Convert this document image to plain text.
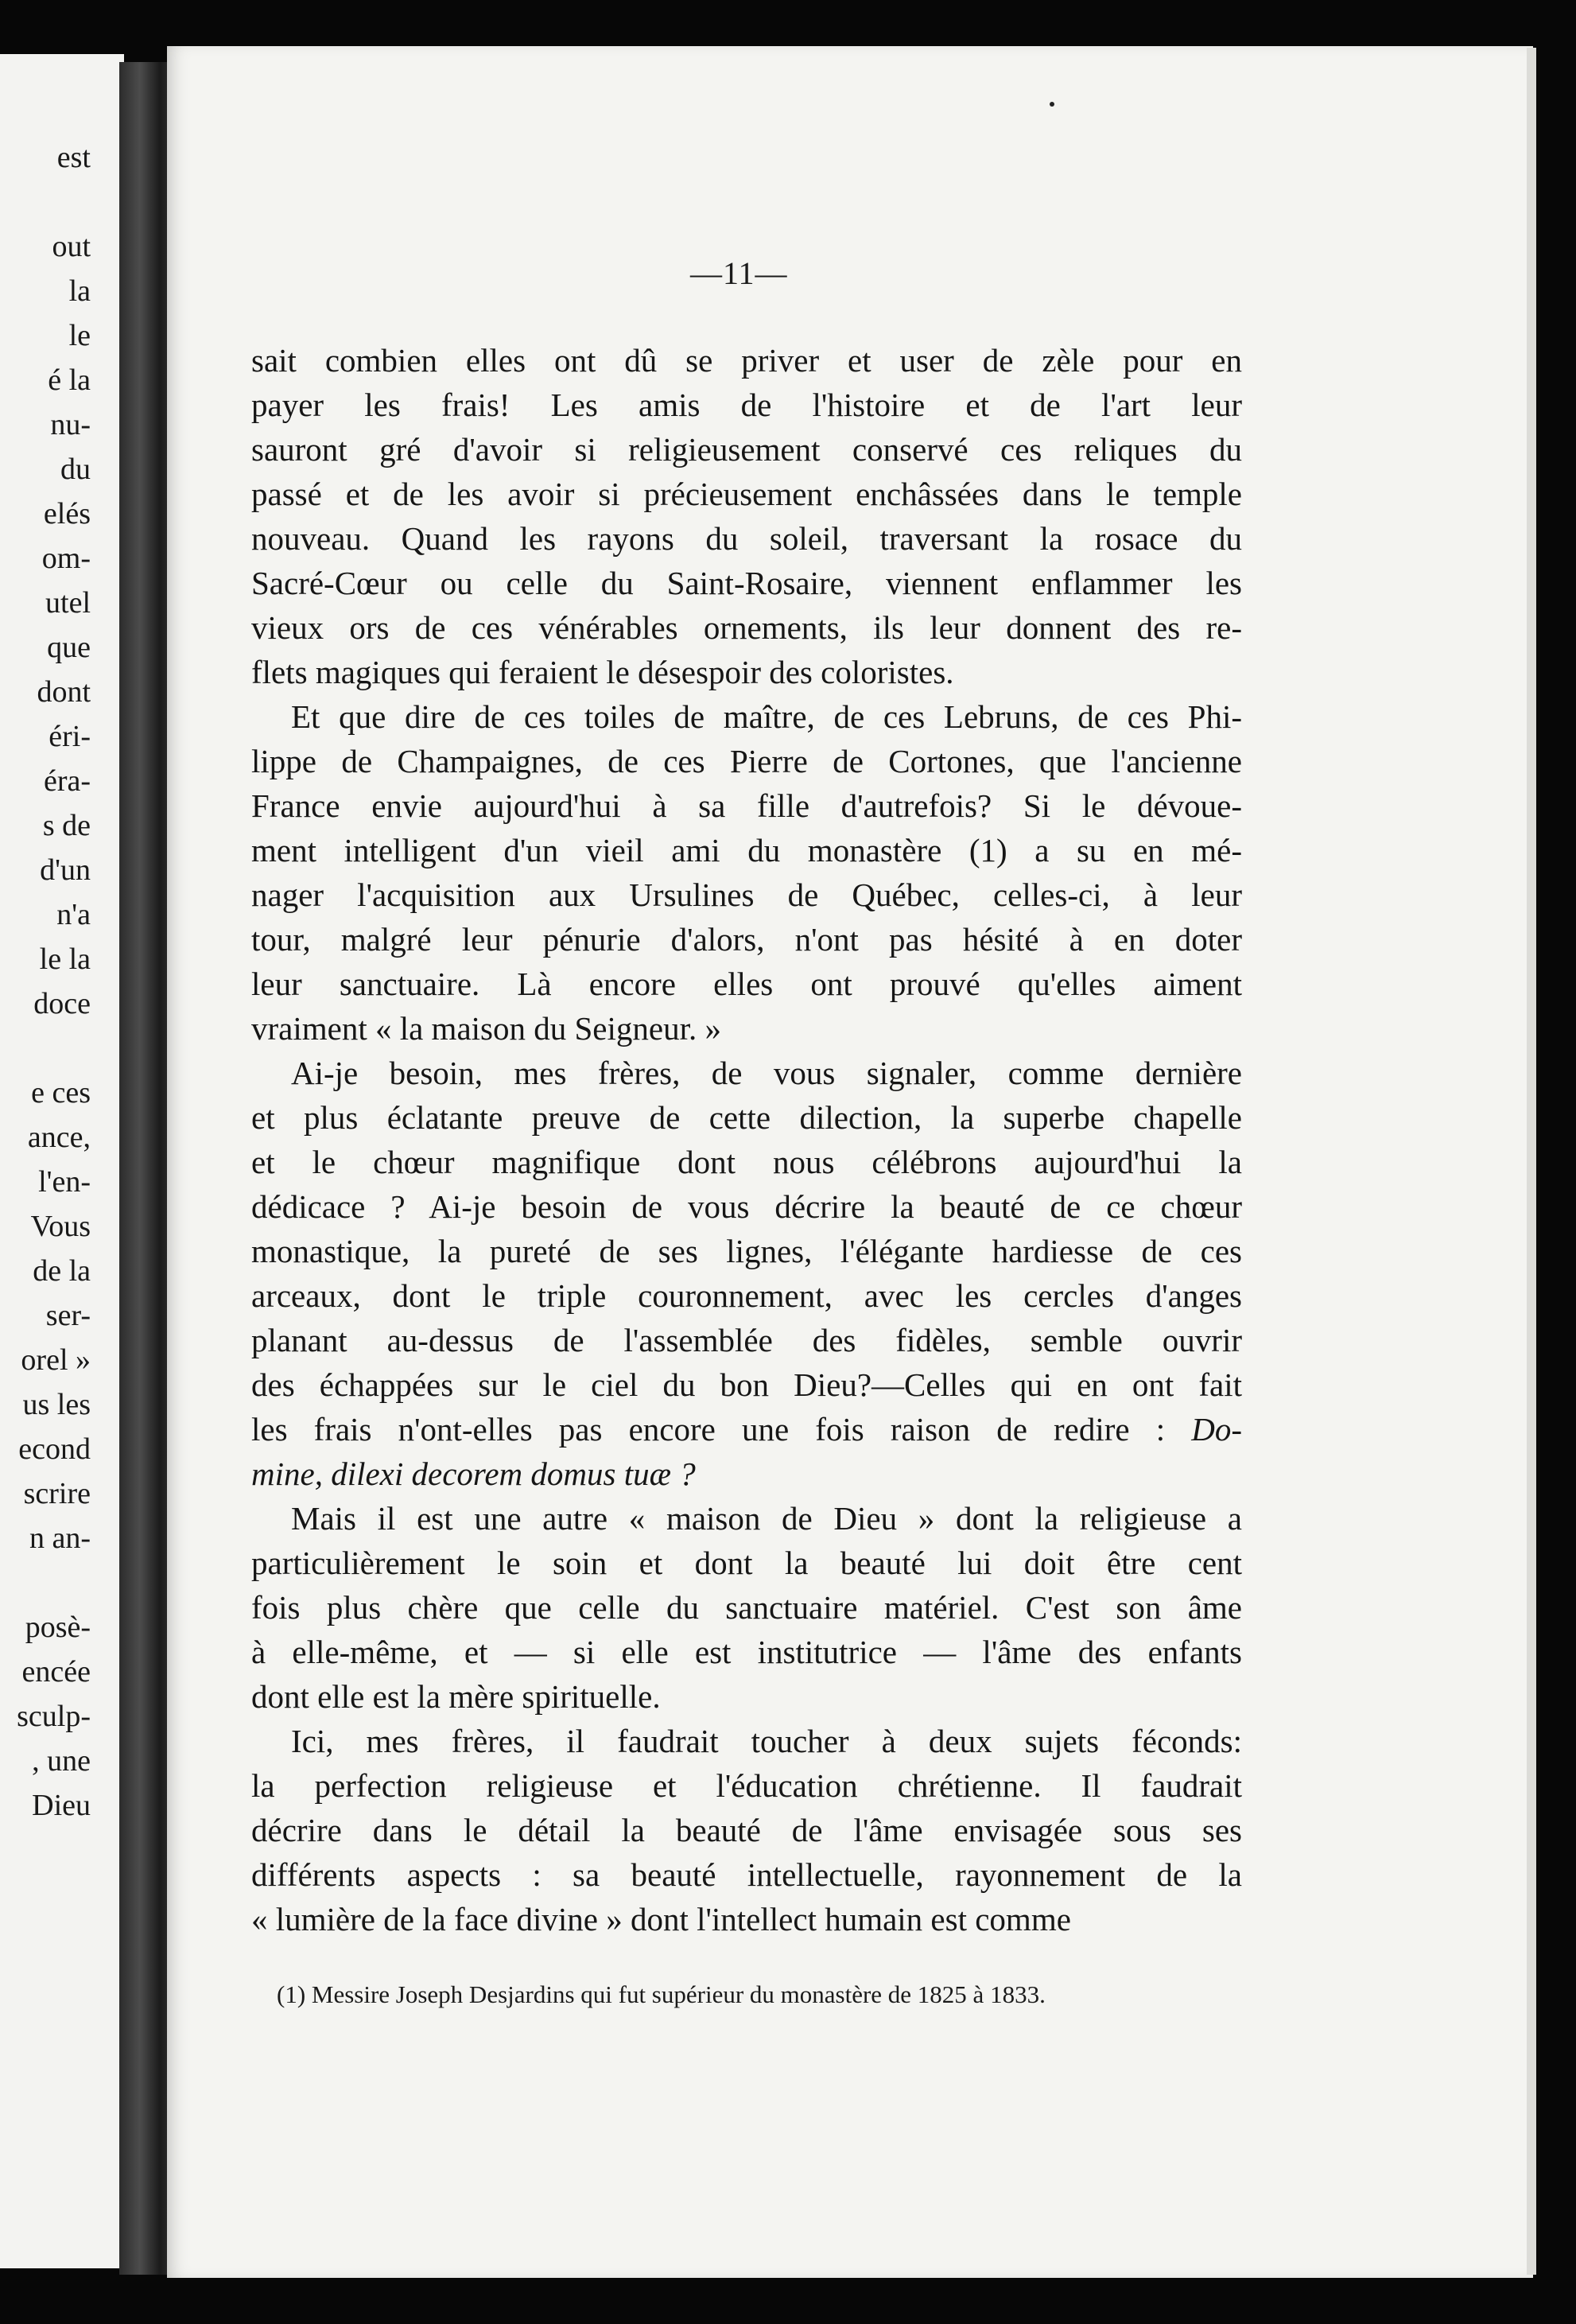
est
out
la
le
é la
nu-
du
elés
om-
utel
que
dont
éri-
éra-
s de
d'un
n'a
le la
doce
e ces
ance,
l'en-
Vous
de la
ser-
orel »
us les
econd
scrire
n an-
posè-
encée
sculp-
, une
Dieu
—11—
sait combien elles ont dû se priver et user de zèle pour en
payer les frais! Les amis de l'histoire et de l'art leur
sauront gré d'avoir si religieusement conservé ces reliques du
passé et de les avoir si précieusement enchâssées dans le temple
nouveau. Quand les rayons du soleil, traversant la rosace du
Sacré-Cœur ou celle du Saint-Rosaire, viennent enflammer les
vieux ors de ces vénérables ornements, ils leur donnent des re-
flets magiques qui feraient le désespoir des coloristes.
Et que dire de ces toiles de maître, de ces Lebruns, de ces Phi-
lippe de Champaignes, de ces Pierre de Cortones, que l'ancienne
France envie aujourd'hui à sa fille d'autrefois? Si le dévoue-
ment intelligent d'un vieil ami du monastère (1) a su en mé-
nager l'acquisition aux Ursulines de Québec, celles-ci, à leur
tour, malgré leur pénurie d'alors, n'ont pas hésité à en doter
leur sanctuaire. Là encore elles ont prouvé qu'elles aiment
vraiment « la maison du Seigneur. »
Ai-je besoin, mes frères, de vous signaler, comme dernière
et plus éclatante preuve de cette dilection, la superbe chapelle
et le chœur magnifique dont nous célébrons aujourd'hui la
dédicace ? Ai-je besoin de vous décrire la beauté de ce chœur
monastique, la pureté de ses lignes, l'élégante hardiesse de ces
arceaux, dont le triple couronnement, avec les cercles d'anges
planant au-dessus de l'assemblée des fidèles, semble ouvrir
des échappées sur le ciel du bon Dieu?—Celles qui en ont fait
les frais n'ont-elles pas encore une fois raison de redire : Do-
mine, dilexi decorem domus tuæ ?
Mais il est une autre « maison de Dieu » dont la religieuse a
particulièrement le soin et dont la beauté lui doit être cent
fois plus chère que celle du sanctuaire matériel. C'est son âme
à elle-même, et — si elle est institutrice — l'âme des enfants
dont elle est la mère spirituelle.
Ici, mes frères, il faudrait toucher à deux sujets féconds:
la perfection religieuse et l'éducation chrétienne. Il faudrait
décrire dans le détail la beauté de l'âme envisagée sous ses
différents aspects : sa beauté intellectuelle, rayonnement de la
« lumière de la face divine » dont l'intellect humain est comme
(1) Messire Joseph Desjardins qui fut supérieur du monastère de 1825 à 1833.
